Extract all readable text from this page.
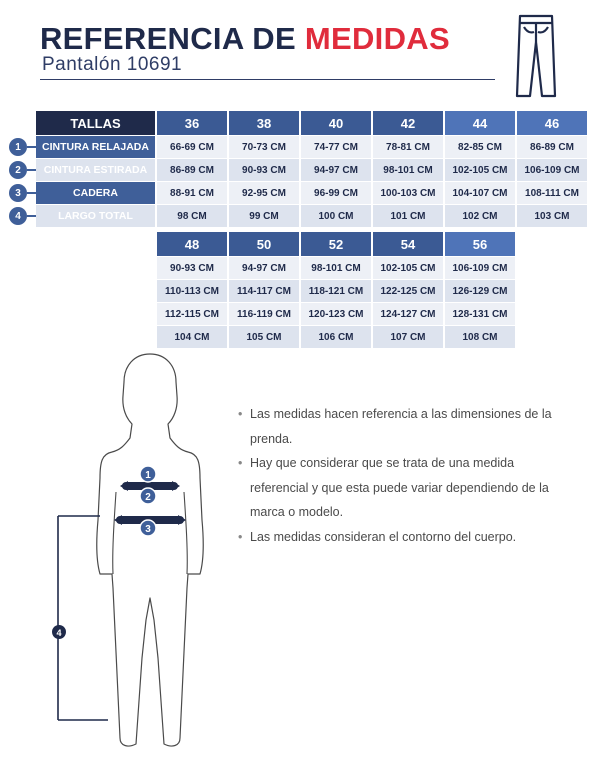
REFERENCIA DE MEDIDAS
Pantalón 10691
TALLAS	36	38	40	42	44	46
1	CINTURA RELAJADA	66-69 CM	70-73 CM	74-77 CM	78-81 CM	82-85 CM	86-89 CM
2	CINTURA ESTIRADA	86-89 CM	90-93 CM	94-97 CM	98-101 CM	102-105 CM	106-109 CM
3	CADERA	88-91 CM	92-95 CM	96-99 CM	100-103 CM	104-107 CM	108-111 CM
4	LARGO TOTAL	98 CM	99 CM	100 CM	101 CM	102 CM	103 CM
48	50	52	54	56
90-93 CM	94-97 CM	98-101 CM	102-105 CM	106-109 CM
110-113 CM	114-117 CM	118-121 CM	122-125 CM	126-129 CM
112-115 CM	116-119 CM	120-123 CM	124-127 CM	128-131 CM
104 CM	105 CM	106 CM	107 CM	108 CM
1
2
3
4
• Las medidas hacen referencia a las dimensiones de la prenda.
• Hay que considerar que se trata de una medida referencial y que esta puede variar dependiendo de la marca o modelo.
• Las medidas consideran el contorno del cuerpo.
